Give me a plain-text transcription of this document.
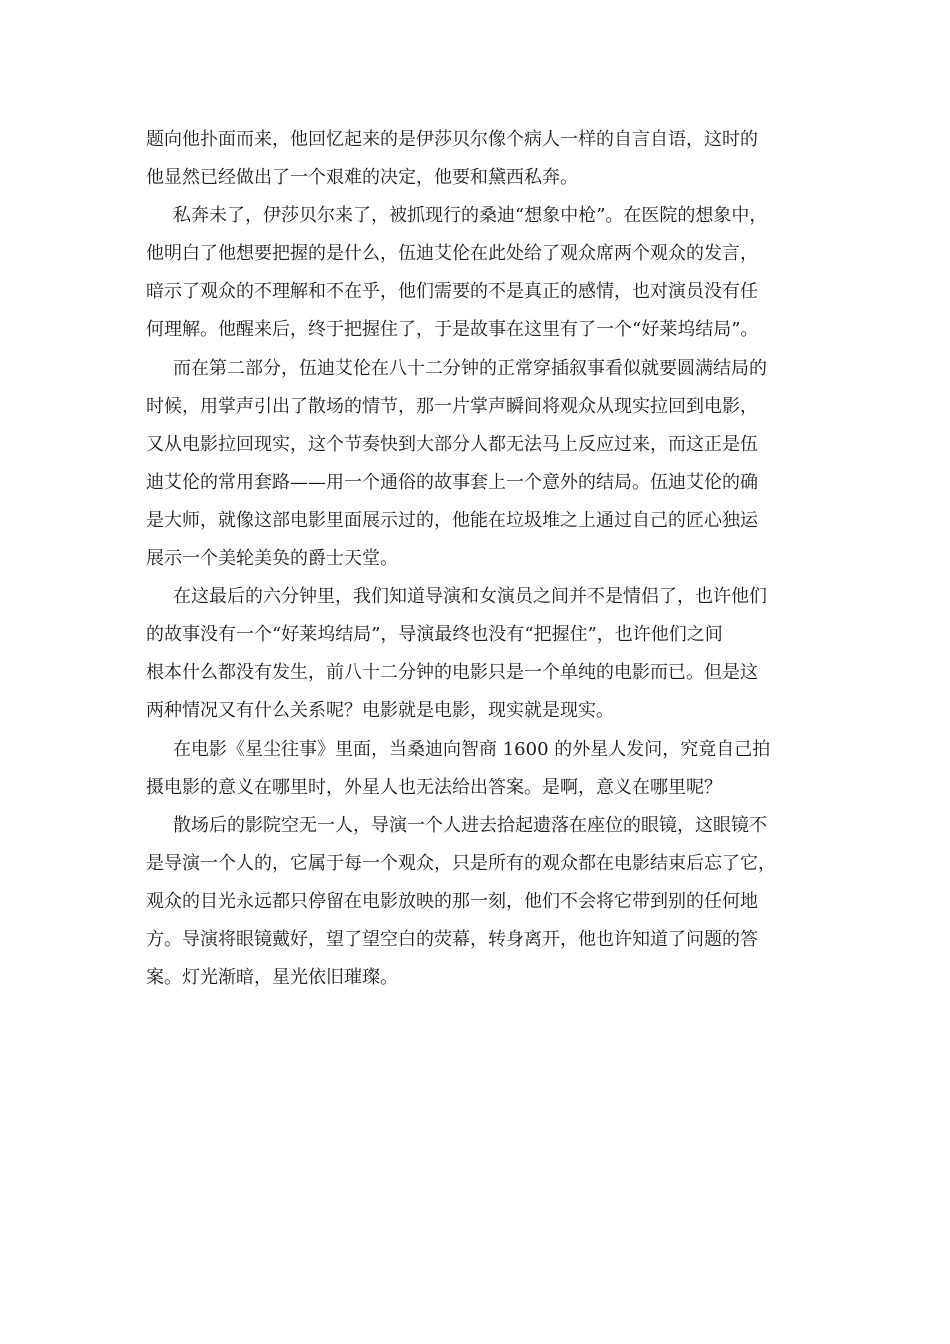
题向他扑面而来，他回忆起来的是伊莎贝尔像个病人一样的自言自语，这时的
他显然已经做出了一个艰难的决定，他要和黛西私奔。
私奔未了，伊莎贝尔来了，被抓现行的桑迪“想象中枪”。在医院的想象中，
他明白了他想要把握的是什么，伍迪艾伦在此处给了观众席两个观众的发言，
暗示了观众的不理解和不在乎，他们需要的不是真正的感情，也对演员没有任
何理解。他醒来后，终于把握住了，于是故事在这里有了一个“好莱坞结局”。
而在第二部分，伍迪艾伦在八十二分钟的正常穿插叙事看似就要圆满结局的
时候，用掌声引出了散场的情节，那一片掌声瞬间将观众从现实拉回到电影，
又从电影拉回现实，这个节奏快到大部分人都无法马上反应过来，而这正是伍
迪艾伦的常用套路——用一个通俗的故事套上一个意外的结局。伍迪艾伦的确
是大师，就像这部电影里面展示过的，他能在垃圾堆之上通过自己的匠心独运
展示一个美轮美奂的爵士天堂。
在这最后的六分钟里，我们知道导演和女演员之间并不是情侣了，也许他们
的故事没有一个“好莱坞结局”，导演最终也没有“把握住”，也许他们之间
根本什么都没有发生，前八十二分钟的电影只是一个单纯的电影而已。但是这
两种情况又有什么关系呢？电影就是电影，现实就是现实。
在电影《星尘往事》里面，当桑迪向智商 1600 的外星人发问，究竟自己拍
摄电影的意义在哪里时，外星人也无法给出答案。是啊，意义在哪里呢？
散场后的影院空无一人，导演一个人进去拾起遗落在座位的眼镜，这眼镜不
是导演一个人的，它属于每一个观众，只是所有的观众都在电影结束后忘了它，
观众的目光永远都只停留在电影放映的那一刻，他们不会将它带到别的任何地
方。导演将眼镜戴好，望了望空白的荧幕，转身离开，他也许知道了问题的答
案。灯光渐暗，星光依旧璀璨。
